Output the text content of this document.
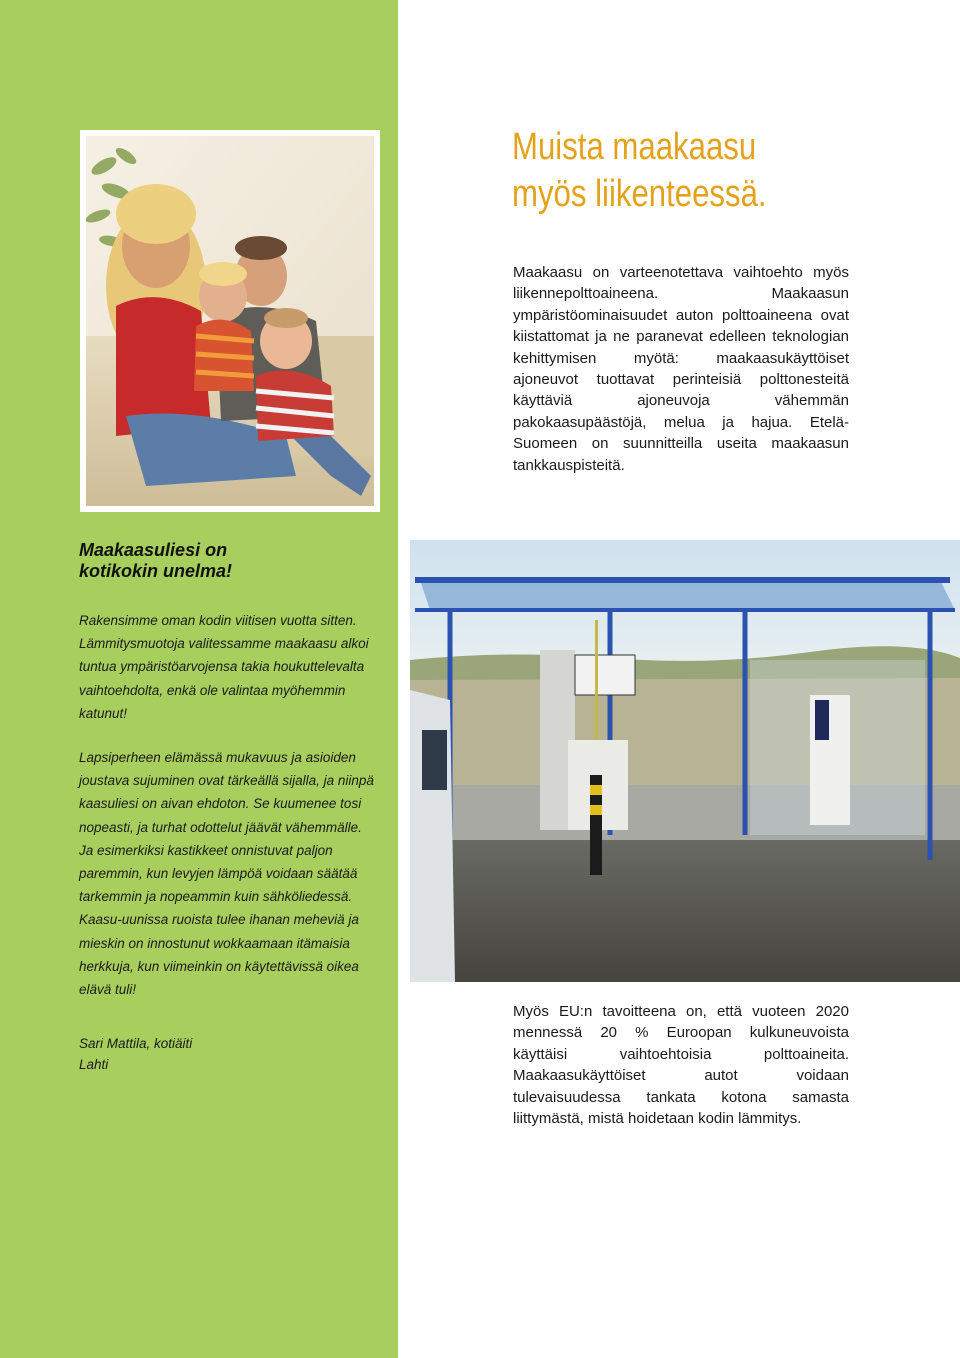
Muista maakaasu
myös liikenteessä.

Maakaasu on varteenotettava vaihtoehto myös liikennepolttoaineena. Maakaasun ympäristöominaisuudet auton polttoaineena ovat kiistattomat ja ne paranevat edelleen teknologian kehittymisen myötä: maakaasukäyttöiset ajoneuvot tuottavat perinteisiä polttonesteitä käyttäviä ajoneuvoja vähemmän pakokaasupäästöjä, melua ja hajua. Etelä-Suomeen on suunnitteilla useita maakaasun tankkauspisteitä.

Maakaasuliesi on
kotikokin unelma!

Rakensimme oman kodin viitisen vuotta sitten. Lämmitysmuotoja valitessamme maakaasu alkoi tuntua ympäristöarvojensa takia houkuttelevalta vaihtoehdolta, enkä ole valintaa myöhemmin katunut!

Lapsiperheen elämässä mukavuus ja asioiden joustava sujuminen ovat tärkeällä sijalla, ja niinpä kaasuliesi on aivan ehdoton. Se kuumenee tosi nopeasti, ja turhat odottelut jäävät vähemmälle. Ja esimerkiksi kastikkeet onnistuvat paljon paremmin, kun levyjen lämpöä voidaan säätää tarkemmin ja nopeammin kuin sähköliedessä. Kaasu-uunissa ruoista tulee ihanan meheviä ja mieskin on innostunut wokkaamaan itämaisia herkkuja, kun viimeinkin on käytettävissä oikea elävä tuli!

Sari Mattila, kotiäiti
Lahti

Myös EU:n tavoitteena on, että vuoteen 2020 mennessä 20 % Euroopan kulkuneuvoista käyttäisi vaihtoehtoisia polttoaineita. Maakaasukäyttöiset autot voidaan tulevaisuudessa tankata kotona samasta liittymästä, mistä hoidetaan kodin lämmitys.
